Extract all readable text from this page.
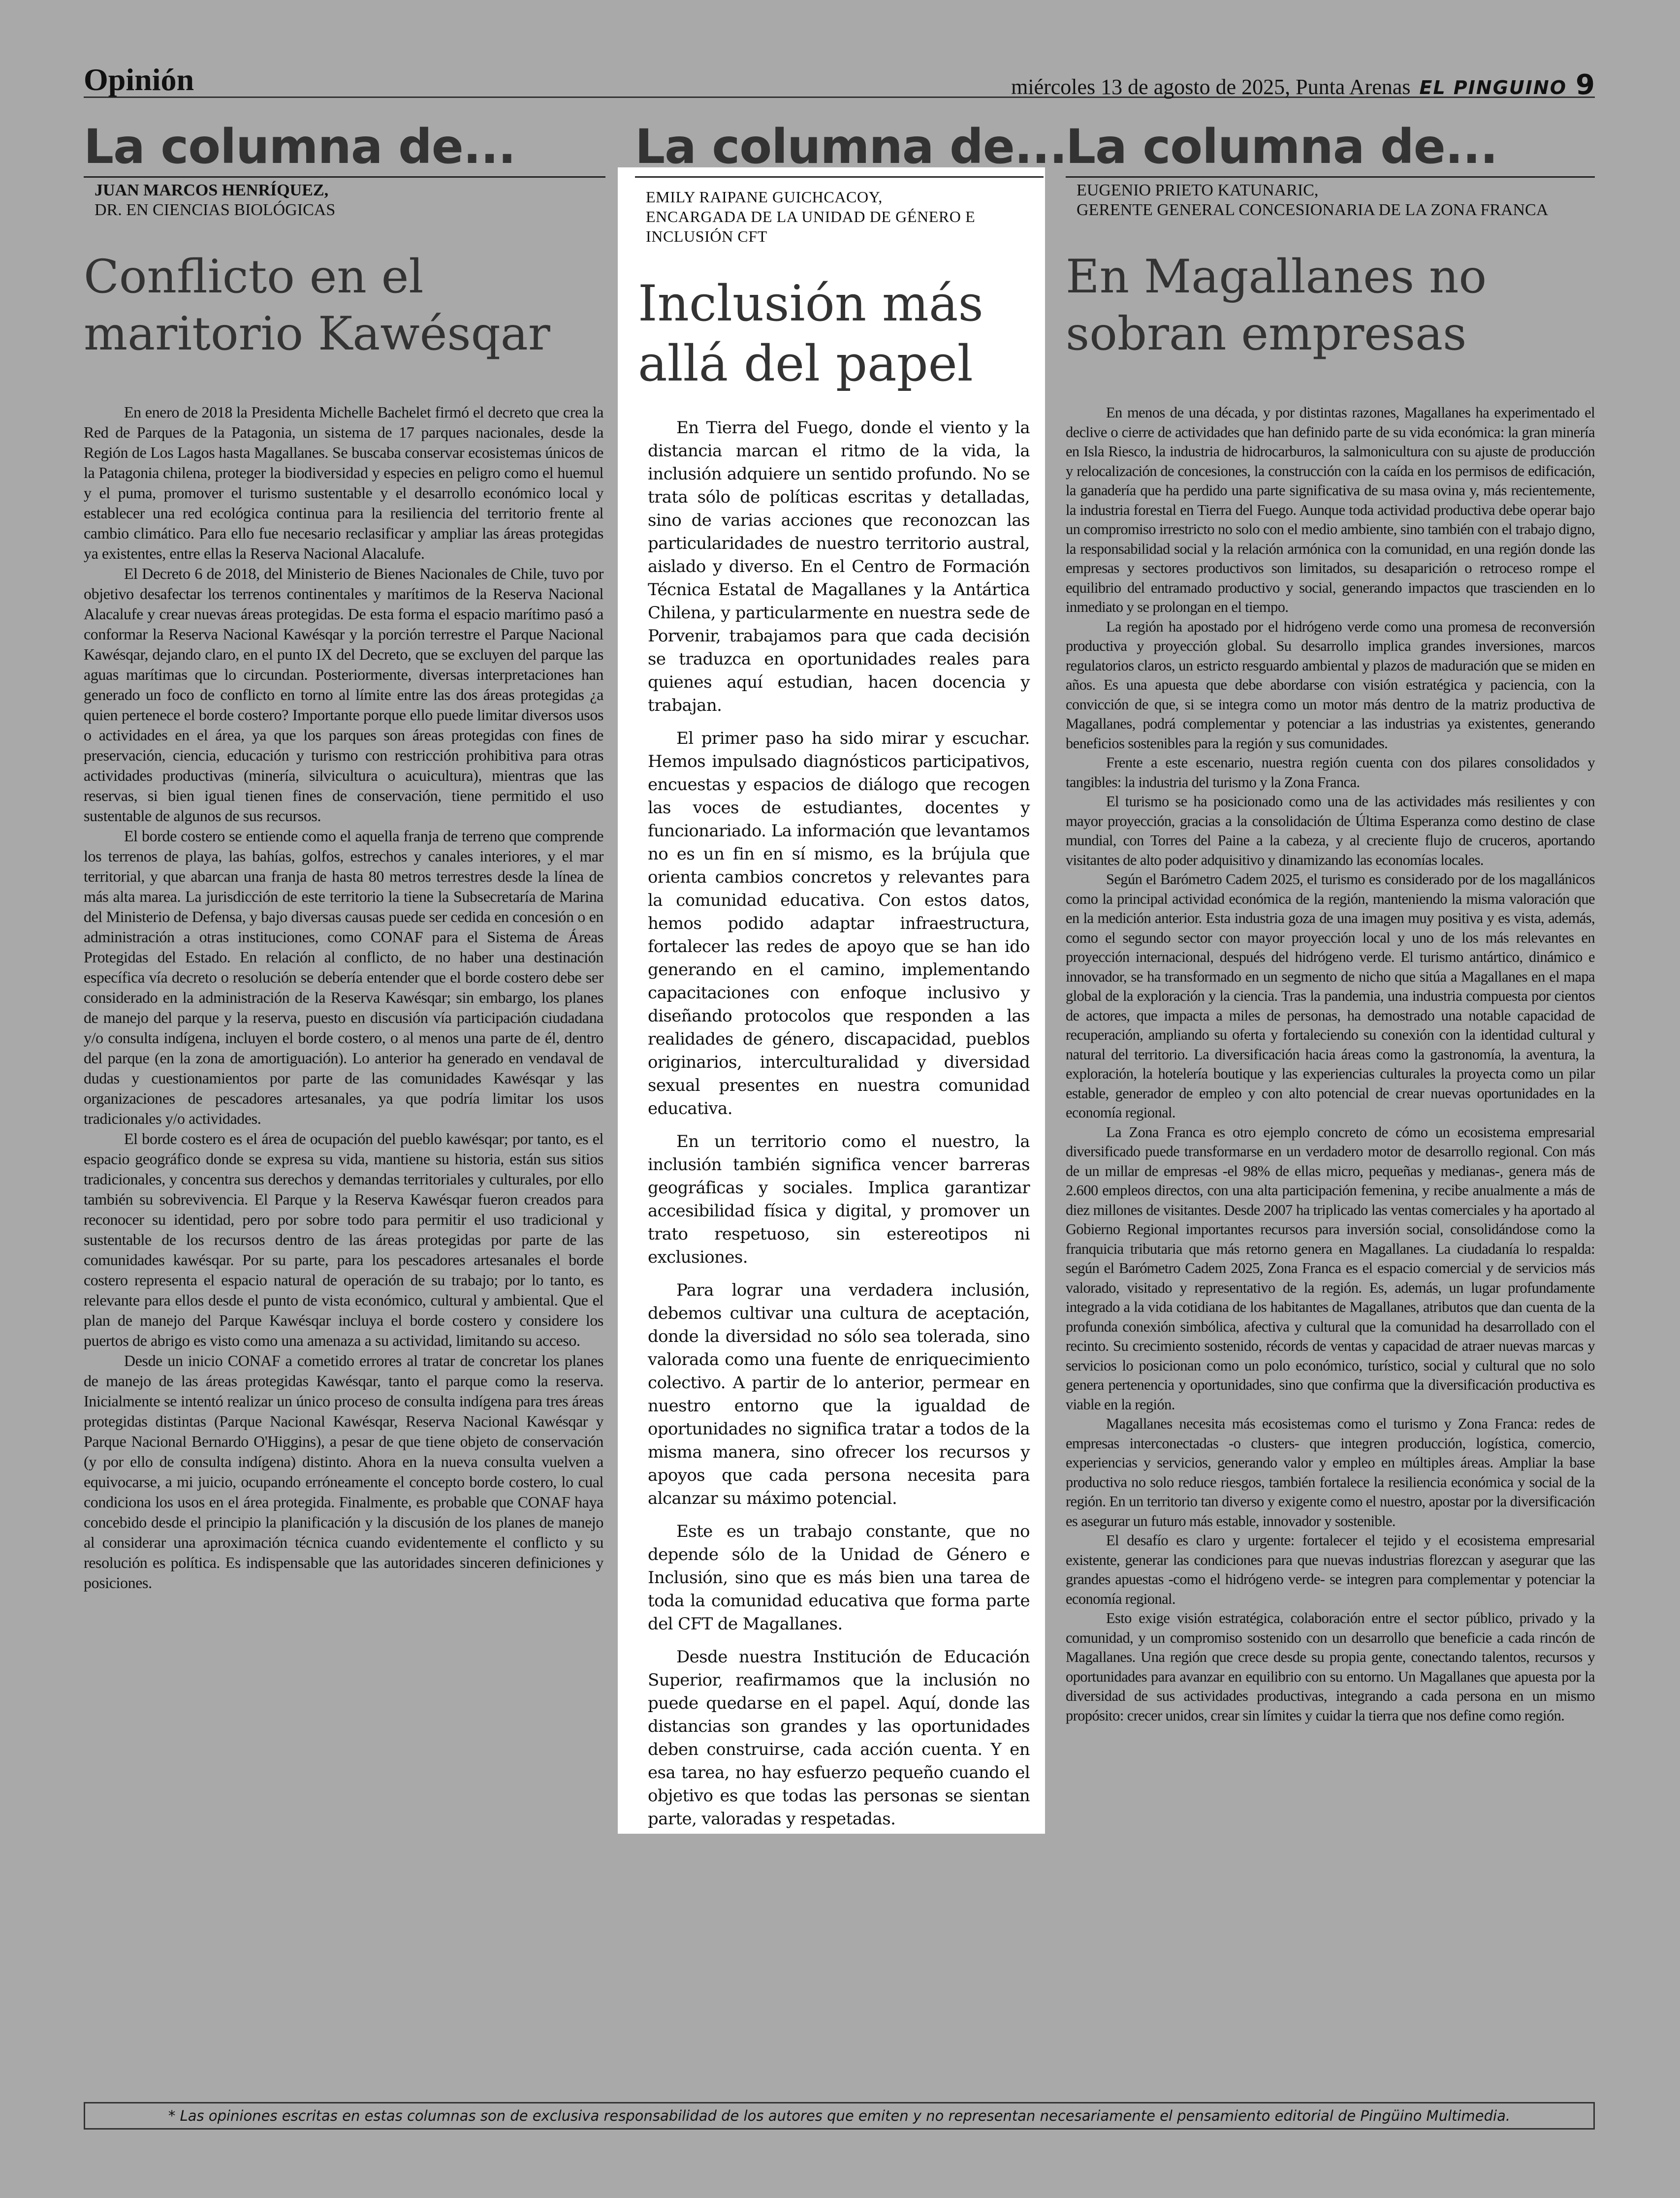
Opinión	miércoles 13 de agosto de 2025, Punta Arenas EL PINGUINO 9
La columna de...
JUAN MARCOS HENRÍQUEZ,
DR. EN CIENCIAS BIOLÓGICAS
Conflicto en el maritorio Kawésqar

En enero de 2018 la Presidenta Michelle Bachelet firmó el decreto que crea la Red de Parques de la Patagonia, un sistema de 17 parques nacionales, desde la Región de Los Lagos hasta Magallanes. Se buscaba conservar ecosistemas únicos de la Patagonia chilena, proteger la biodiversidad y especies en peligro como el huemul y el puma, promover el turismo sustentable y el desarrollo económico local y establecer una red ecológica continua para la resiliencia del territorio frente al cambio climático. Para ello fue necesario reclasificar y ampliar las áreas protegidas ya existentes, entre ellas la Reserva Nacional Alacalufe.

El Decreto 6 de 2018, del Ministerio de Bienes Nacionales de Chile, tuvo por objetivo desafectar los terrenos continentales y marítimos de la Reserva Nacional Alacalufe y crear nuevas áreas protegidas. De esta forma el espacio marítimo pasó a conformar la Reserva Nacional Kawésqar y la porción terrestre el Parque Nacional Kawésqar, dejando claro, en el punto IX del Decreto, que se excluyen del parque las aguas marítimas que lo circundan. Posteriormente, diversas interpretaciones han generado un foco de conflicto en torno al límite entre las dos áreas protegidas ¿a quien pertenece el borde costero? Importante porque ello puede limitar diversos usos o actividades en el área, ya que los parques son áreas protegidas con fines de preservación, ciencia, educación y turismo con restricción prohibitiva para otras actividades productivas (minería, silvicultura o acuicultura), mientras que las reservas, si bien igual tienen fines de conservación, tiene permitido el uso sustentable de algunos de sus recursos.

El borde costero se entiende como el aquella franja de terreno que comprende los terrenos de playa, las bahías, golfos, estrechos y canales interiores, y el mar territorial, y que abarcan una franja de hasta 80 metros terrestres desde la línea de más alta marea. La jurisdicción de este territorio la tiene la Subsecretaría de Marina del Ministerio de Defensa, y bajo diversas causas puede ser cedida en concesión o en administración a otras instituciones, como CONAF para el Sistema de Áreas Protegidas del Estado. En relación al conflicto, de no haber una destinación específica vía decreto o resolución se debería entender que el borde costero debe ser considerado en la administración de la Reserva Kawésqar; sin embargo, los planes de manejo del parque y la reserva, puesto en discusión vía participación ciudadana y/o consulta indígena, incluyen el borde costero, o al menos una parte de él, dentro del parque (en la zona de amortiguación). Lo anterior ha generado en vendaval de dudas y cuestionamientos por parte de las comunidades Kawésqar y las organizaciones de pescadores artesanales, ya que podría limitar los usos tradicionales y/o actividades.

El borde costero es el área de ocupación del pueblo kawésqar; por tanto, es el espacio geográfico donde se expresa su vida, mantiene su historia, están sus sitios tradicionales, y concentra sus derechos y demandas territoriales y culturales, por ello también su sobrevivencia. El Parque y la Reserva Kawésqar fueron creados para reconocer su identidad, pero por sobre todo para permitir el uso tradicional y sustentable de los recursos dentro de las áreas protegidas por parte de las comunidades kawésqar. Por su parte, para los pescadores artesanales el borde costero representa el espacio natural de operación de su trabajo; por lo tanto, es relevante para ellos desde el punto de vista económico, cultural y ambiental. Que el plan de manejo del Parque Kawésqar incluya el borde costero y considere los puertos de abrigo es visto como una amenaza a su actividad, limitando su acceso.

Desde un inicio CONAF a cometido errores al tratar de concretar los planes de manejo de las áreas protegidas Kawésqar, tanto el parque como la reserva. Inicialmente se intentó realizar un único proceso de consulta indígena para tres áreas protegidas distintas (Parque Nacional Kawésqar, Reserva Nacional Kawésqar y Parque Nacional Bernardo O'Higgins), a pesar de que tiene objeto de conservación (y por ello de consulta indígena) distinto. Ahora en la nueva consulta vuelven a equivocarse, a mi juicio, ocupando erróneamente el concepto borde costero, lo cual condiciona los usos en el área protegida. Finalmente, es probable que CONAF haya concebido desde el principio la planificación y la discusión de los planes de manejo al considerar una aproximación técnica cuando evidentemente el conflicto y su resolución es política. Es indispensable que las autoridades sinceren definiciones y posiciones.

La columna de...
EMILY RAIPANE GUICHCACOY,
ENCARGADA DE LA UNIDAD DE GÉNERO E INCLUSIÓN CFT
Inclusión más allá del papel

En Tierra del Fuego, donde el viento y la distancia marcan el ritmo de la vida, la inclusión adquiere un sentido profundo. No se trata sólo de políticas escritas y detalladas, sino de varias acciones que reconozcan las particularidades de nuestro territorio austral, aislado y diverso. En el Centro de Formación Técnica Estatal de Magallanes y la Antártica Chilena, y particularmente en nuestra sede de Porvenir, trabajamos para que cada decisión se traduzca en oportunidades reales para quienes aquí estudian, hacen docencia y trabajan.

El primer paso ha sido mirar y escuchar. Hemos impulsado diagnósticos participativos, encuestas y espacios de diálogo que recogen las voces de estudiantes, docentes y funcionariado. La información que levantamos no es un fin en sí mismo, es la brújula que orienta cambios concretos y relevantes para la comunidad educativa. Con estos datos, hemos podido adaptar infraestructura, fortalecer las redes de apoyo que se han ido generando en el camino, implementando capacitaciones con enfoque inclusivo y diseñando protocolos que responden a las realidades de género, discapacidad, pueblos originarios, interculturalidad y diversidad sexual presentes en nuestra comunidad educativa.

En un territorio como el nuestro, la inclusión también significa vencer barreras geográficas y sociales. Implica garantizar accesibilidad física y digital, y promover un trato respetuoso, sin estereotipos ni exclusiones.

Para lograr una verdadera inclusión, debemos cultivar una cultura de aceptación, donde la diversidad no sólo sea tolerada, sino valorada como una fuente de enriquecimiento colectivo. A partir de lo anterior, permear en nuestro entorno que la igualdad de oportunidades no significa tratar a todos de la misma manera, sino ofrecer los recursos y apoyos que cada persona necesita para alcanzar su máximo potencial.

Este es un trabajo constante, que no depende sólo de la Unidad de Género e Inclusión, sino que es más bien una tarea de toda la comunidad educativa que forma parte del CFT de Magallanes.

Desde nuestra Institución de Educación Superior, reafirmamos que la inclusión no puede quedarse en el papel. Aquí, donde las distancias son grandes y las oportunidades deben construirse, cada acción cuenta. Y en esa tarea, no hay esfuerzo pequeño cuando el objetivo es que todas las personas se sientan parte, valoradas y respetadas.

La columna de...
EUGENIO PRIETO KATUNARIC,
GERENTE GENERAL CONCESIONARIA DE LA ZONA FRANCA
En Magallanes no sobran empresas

En menos de una década, y por distintas razones, Magallanes ha experimentado el declive o cierre de actividades que han definido parte de su vida económica: la gran minería en Isla Riesco, la industria de hidrocarburos, la salmonicultura con su ajuste de producción y relocalización de concesiones, la construcción con la caída en los permisos de edificación, la ganadería que ha perdido una parte significativa de su masa ovina y, más recientemente, la industria forestal en Tierra del Fuego. Aunque toda actividad productiva debe operar bajo un compromiso irrestricto no solo con el medio ambiente, sino también con el trabajo digno, la responsabilidad social y la relación armónica con la comunidad, en una región donde las empresas y sectores productivos son limitados, su desaparición o retroceso rompe el equilibrio del entramado productivo y social, generando impactos que trascienden en lo inmediato y se prolongan en el tiempo.

La región ha apostado por el hidrógeno verde como una promesa de reconversión productiva y proyección global. Su desarrollo implica grandes inversiones, marcos regulatorios claros, un estricto resguardo ambiental y plazos de maduración que se miden en años. Es una apuesta que debe abordarse con visión estratégica y paciencia, con la convicción de que, si se integra como un motor más dentro de la matriz productiva de Magallanes, podrá complementar y potenciar a las industrias ya existentes, generando beneficios sostenibles para la región y sus comunidades.

Frente a este escenario, nuestra región cuenta con dos pilares consolidados y tangibles: la industria del turismo y la Zona Franca.

El turismo se ha posicionado como una de las actividades más resilientes y con mayor proyección, gracias a la consolidación de Última Esperanza como destino de clase mundial, con Torres del Paine a la cabeza, y al creciente flujo de cruceros, aportando visitantes de alto poder adquisitivo y dinamizando las economías locales.

Según el Barómetro Cadem 2025, el turismo es considerado por de los magallánicos como la principal actividad económica de la región, manteniendo la misma valoración que en la medición anterior. Esta industria goza de una imagen muy positiva y es vista, además, como el segundo sector con mayor proyección local y uno de los más relevantes en proyección internacional, después del hidrógeno verde. El turismo antártico, dinámico e innovador, se ha transformado en un segmento de nicho que sitúa a Magallanes en el mapa global de la exploración y la ciencia. Tras la pandemia, una industria compuesta por cientos de actores, que impacta a miles de personas, ha demostrado una notable capacidad de recuperación, ampliando su oferta y fortaleciendo su conexión con la identidad cultural y natural del territorio. La diversificación hacia áreas como la gastronomía, la aventura, la exploración, la hotelería boutique y las experiencias culturales la proyecta como un pilar estable, generador de empleo y con alto potencial de crear nuevas oportunidades en la economía regional.

La Zona Franca es otro ejemplo concreto de cómo un ecosistema empresarial diversificado puede transformarse en un verdadero motor de desarrollo regional. Con más de un millar de empresas -el 98% de ellas micro, pequeñas y medianas-, genera más de 2.600 empleos directos, con una alta participación femenina, y recibe anualmente a más de diez millones de visitantes. Desde 2007 ha triplicado las ventas comerciales y ha aportado al Gobierno Regional importantes recursos para inversión social, consolidándose como la franquicia tributaria que más retorno genera en Magallanes. La ciudadanía lo respalda: según el Barómetro Cadem 2025, Zona Franca es el espacio comercial y de servicios más valorado, visitado y representativo de la región. Es, además, un lugar profundamente integrado a la vida cotidiana de los habitantes de Magallanes, atributos que dan cuenta de la profunda conexión simbólica, afectiva y cultural que la comunidad ha desarrollado con el recinto. Su crecimiento sostenido, récords de ventas y capacidad de atraer nuevas marcas y servicios lo posicionan como un polo económico, turístico, social y cultural que no solo genera pertenencia y oportunidades, sino que confirma que la diversificación productiva es viable en la región.

Magallanes necesita más ecosistemas como el turismo y Zona Franca: redes de empresas interconectadas -o clusters- que integren producción, logística, comercio, experiencias y servicios, generando valor y empleo en múltiples áreas. Ampliar la base productiva no solo reduce riesgos, también fortalece la resiliencia económica y social de la región. En un territorio tan diverso y exigente como el nuestro, apostar por la diversificación es asegurar un futuro más estable, innovador y sostenible.

El desafío es claro y urgente: fortalecer el tejido y el ecosistema empresarial existente, generar las condiciones para que nuevas industrias florezcan y asegurar que las grandes apuestas -como el hidrógeno verde- se integren para complementar y potenciar la economía regional.

Esto exige visión estratégica, colaboración entre el sector público, privado y la comunidad, y un compromiso sostenido con un desarrollo que beneficie a cada rincón de Magallanes. Una región que crece desde su propia gente, conectando talentos, recursos y oportunidades para avanzar en equilibrio con su entorno. Un Magallanes que apuesta por la diversidad de sus actividades productivas, integrando a cada persona en un mismo propósito: crecer unidos, crear sin límites y cuidar la tierra que nos define como región.

* Las opiniones escritas en estas columnas son de exclusiva responsabilidad de los autores que emiten y no representan necesariamente el pensamiento editorial de Pingüino Multimedia.
